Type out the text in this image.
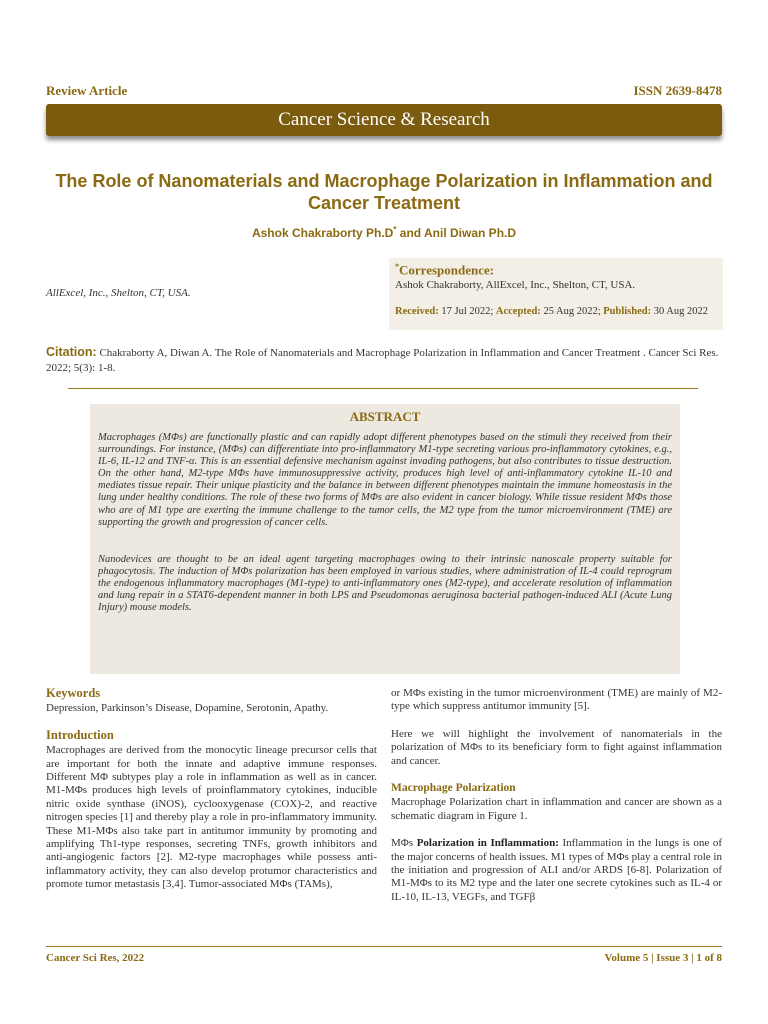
Review Article	ISSN 2639-8478
Cancer Science & Research
The Role of Nanomaterials and Macrophage Polarization in Inflammation and Cancer Treatment
Ashok Chakraborty Ph.D* and Anil Diwan Ph.D
AllExcel, Inc., Shelton, CT, USA.
*Correspondence:
Ashok Chakraborty, AllExcel, Inc., Shelton, CT, USA.
Received: 17 Jul 2022; Accepted: 25 Aug 2022; Published: 30 Aug 2022
Citation: Chakraborty A, Diwan A. The Role of Nanomaterials and Macrophage Polarization in Inflammation and Cancer Treatment . Cancer Sci Res. 2022; 5(3): 1-8.
ABSTRACT

Macrophages (MΦs) are functionally plastic and can rapidly adopt different phenotypes based on the stimuli they received from their surroundings. For instance, (MΦs) can differentiate into pro-inflammatory M1-type secreting various pro-inflammatory cytokines, e.g., IL-6, IL-12 and TNF-α. This is an essential defensive mechanism against invading pathogens, but also contributes to tissue destruction. On the other hand, M2-type MΦs have immunosuppressive activity, produces high level of anti-inflammatory cytokine IL-10 and mediates tissue repair. Their unique plasticity and the balance in between different phenotypes maintain the immune homeostasis in the lung under healthy conditions. The role of these two forms of MΦs are also evident in cancer biology. While tissue resident MΦs those who are of M1 type are exerting the immune challenge to the tumor cells, the M2 type from the tumor microenvironment (TME) are supporting the growth and progression of cancer cells.

Nanodevices are thought to be an ideal agent targeting macrophages owing to their intrinsic nanoscale property suitable for phagocytosis. The induction of MΦs polarization has been employed in various studies, where administration of IL-4 could reprogram the endogenous inflammatory macrophages (M1-type) to anti-inflammatory ones (M2-type), and accelerate resolution of inflammation and lung repair in a STAT6-dependent manner in both LPS and Pseudomonas aeruginosa bacterial pathogen-induced ALI (Acute Lung Injury) mouse models.

Keywords

Depression, Parkinson’s Disease, Dopamine, Serotonin, Apathy.

Introduction

Macrophages are derived from the monocytic lineage precursor cells that are important for both the innate and adaptive immune responses. Different MΦ subtypes play a role in inflammation as well as in cancer. M1-MΦs produces high levels of proinflammatory cytokines, inducible nitric oxide synthase (iNOS), cyclooxygenase (COX)-2, and reactive nitrogen species [1] and thereby play a role in pro-inflammatory immunity. These M1-MΦs also take part in antitumor immunity by promoting and amplifying Th1-type responses, secreting TNFs, growth inhibitors and anti-angiogenic factors [2]. M2-type macrophages while possess anti-inflammatory activity, they can also develop protumor characteristics and promote tumor metastasis [3,4]. Tumor-associated MΦs (TAMs),

or MΦs existing in the tumor microenvironment (TME) are mainly of M2-type which suppress antitumor immunity [5].

Here we will highlight the involvement of nanomaterials in the polarization of MΦs to its beneficiary form to fight against inflammation and cancer.

Macrophage Polarization

Macrophage Polarization chart in inflammation and cancer are shown as a schematic diagram in Figure 1.

MΦs Polarization in Inflammation: Inflammation in the lungs is one of the major concerns of health issues. M1 types of MΦs play a central role in the initiation and progression of ALI and/or ARDS [6-8]. Polarization of M1-MΦs to its M2 type and the later one secrete cytokines such as IL-4 or IL-10, IL-13, VEGFs, and TGFβ

Cancer Sci Res, 2022	Volume 5 | Issue 3 | 1 of 8
